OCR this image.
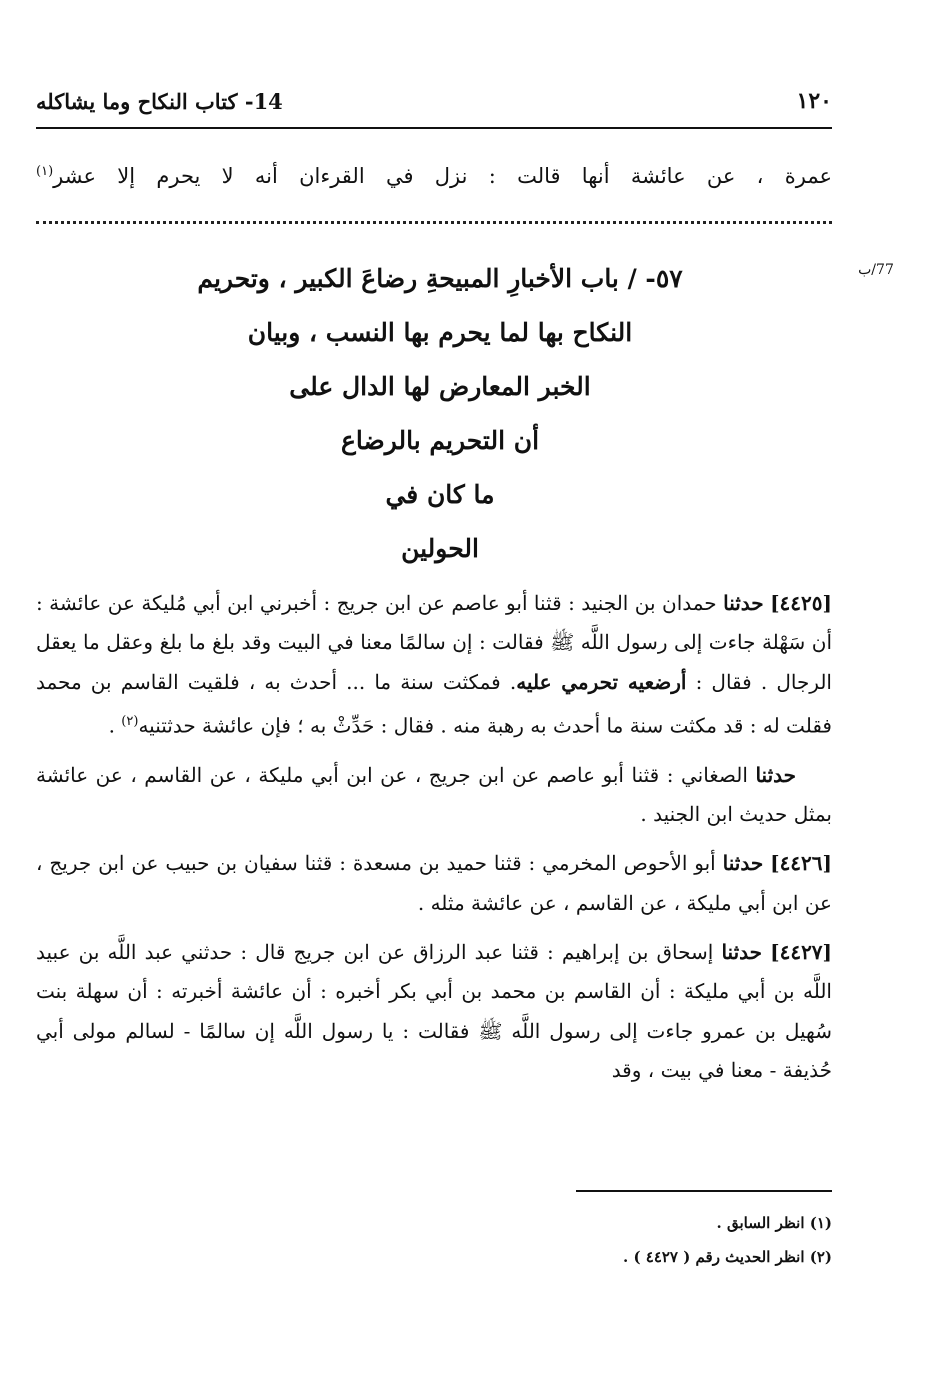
14- كتاب النكاح وما يشاكله	١٢٠
عمرة ، عن عائشة أنها قالت : نزل في القرءان أنه لا يحرم إلا عشر$^{(١)}$
77/ب
٥٧- / باب الأخبارِ المبيحةِ رضاعَ الكبير ، وتحريم
النكاح بها لما يحرم بها النسب ، وبيان
الخبر المعارض لها الدال على
أن التحريم بالرضاع
ما كان في
الحولين

[٤٤٢٥] حدثنا حمدان بن الجنيد : قثنا أبو عاصم عن ابن جريج : أخبرني ابن أبي مُليكة عن عائشة : أن سَهْلة جاءت إلى رسول اللَّه ﷺ فقالت : إن سالمًا معنا في البيت وقد بلغ ما بلغ وعقل ما يعقل الرجال . فقال : أرضعيه تحرمي عليه. فمكثت سنة ما ... أحدث به ، فلقيت القاسم بن محمد فقلت له : قد مكثت سنة ما أحدث به رهبة منه . فقال : حَدِّثْ به ؛ فإن عائشة حدثتنيه$^{(٢)}$ .

حدثنا الصغاني : قثنا أبو عاصم عن ابن جريج ، عن ابن أبي مليكة ، عن القاسم ، عن عائشة بمثل حديث ابن الجنيد .

[٤٤٢٦] حدثنا أبو الأحوص المخرمي : قثنا حميد بن مسعدة : قثنا سفيان بن حبيب عن ابن جريج ، عن ابن أبي مليكة ، عن القاسم ، عن عائشة مثله .

[٤٤٢٧] حدثنا إسحاق بن إبراهيم : قثنا عبد الرزاق عن ابن جريج قال : حدثني عبد اللَّه بن عبيد اللَّه بن أبي مليكة : أن القاسم بن محمد بن أبي بكر أخبره : أن عائشة أخبرته : أن سهلة بنت سُهيل بن عمرو جاءت إلى رسول اللَّه ﷺ فقالت : يا رسول اللَّه إن سالمًا - لسالم مولى أبي حُذيفة - معنا في بيت ، وقد

(١) انظر السابق .
(٢) انظر الحديث رقم ( ٤٤٢٧ ) .
